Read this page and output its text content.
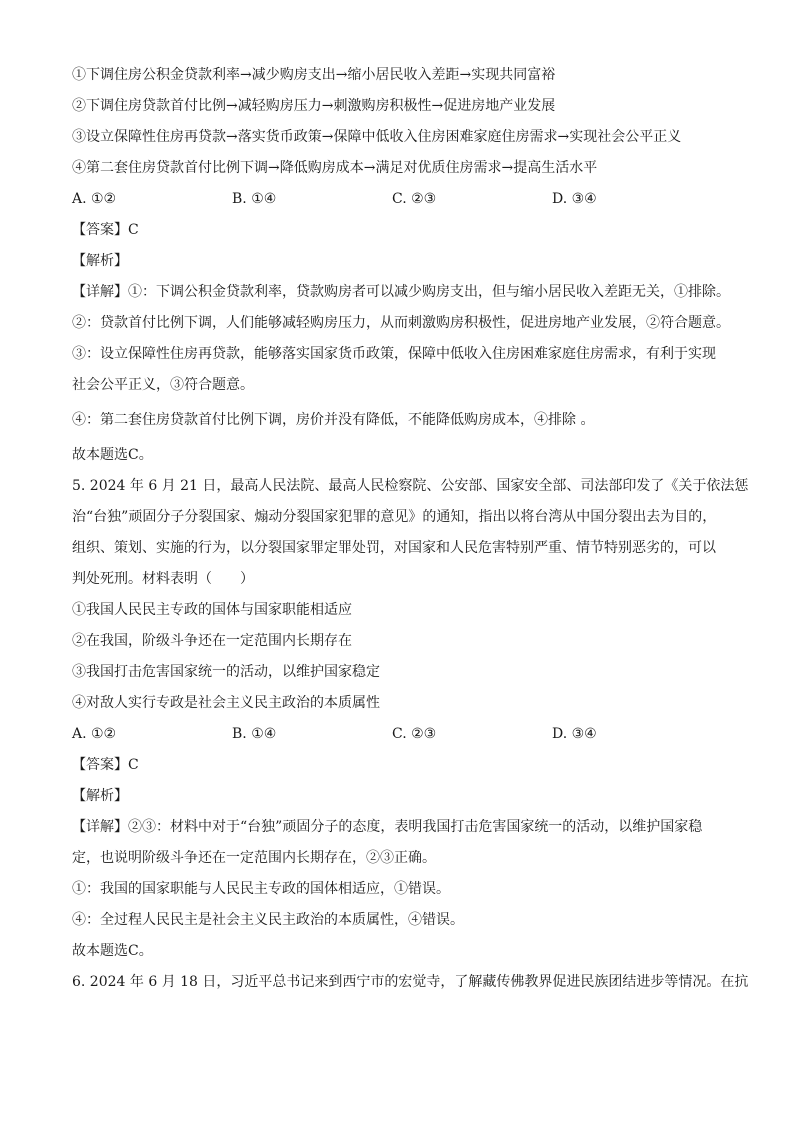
①下调住房公积金贷款利率→减少购房支出→缩小居民收入差距→实现共同富裕
②下调住房贷款首付比例→减轻购房压力→刺激购房积极性→促进房地产业发展
③设立保障性住房再贷款→落实货币政策→保障中低收入住房困难家庭住房需求→实现社会公平正义
④第二套住房贷款首付比例下调→降低购房成本→满足对优质住房需求→提高生活水平
A. ①②	B. ①④	C. ②③	D. ③④
【答案】C
【解析】
【详解】①：下调公积金贷款利率，贷款购房者可以减少购房支出，但与缩小居民收入差距无关，①排除。
②：贷款首付比例下调，人们能够减轻购房压力，从而刺激购房积极性，促进房地产业发展，②符合题意。
③：设立保障性住房再贷款，能够落实国家货币政策，保障中低收入住房困难家庭住房需求，有利于实现
社会公平正义，③符合题意。
④：第二套住房贷款首付比例下调，房价并没有降低，不能降低购房成本，④排除 。
故本题选C。
5. 2024 年 6 月 21 日，最高人民法院、最高人民检察院、公安部、国家安全部、司法部印发了《关于依法惩
治“台独”顽固分子分裂国家、煽动分裂国家犯罪的意见》的通知，指出以将台湾从中国分裂出去为目的，
组织、策划、实施的行为，以分裂国家罪定罪处罚，对国家和人民危害特别严重、情节特别恶劣的，可以
判处死刑。材料表明（　　）
①我国人民民主专政的国体与国家职能相适应
②在我国，阶级斗争还在一定范围内长期存在
③我国打击危害国家统一的活动，以维护国家稳定
④对敌人实行专政是社会主义民主政治的本质属性
A. ①②	B. ①④	C. ②③	D. ③④
【答案】C
【解析】
【详解】②③：材料中对于“台独”顽固分子的态度，表明我国打击危害国家统一的活动，以维护国家稳
定，也说明阶级斗争还在一定范围内长期存在，②③正确。
①：我国的国家职能与人民民主专政的国体相适应，①错误。
④：全过程人民民主是社会主义民主政治的本质属性，④错误。
故本题选C。
6. 2024 年 6 月 18 日，习近平总书记来到西宁市的宏觉寺，了解藏传佛教界促进民族团结进步等情况。在抗
